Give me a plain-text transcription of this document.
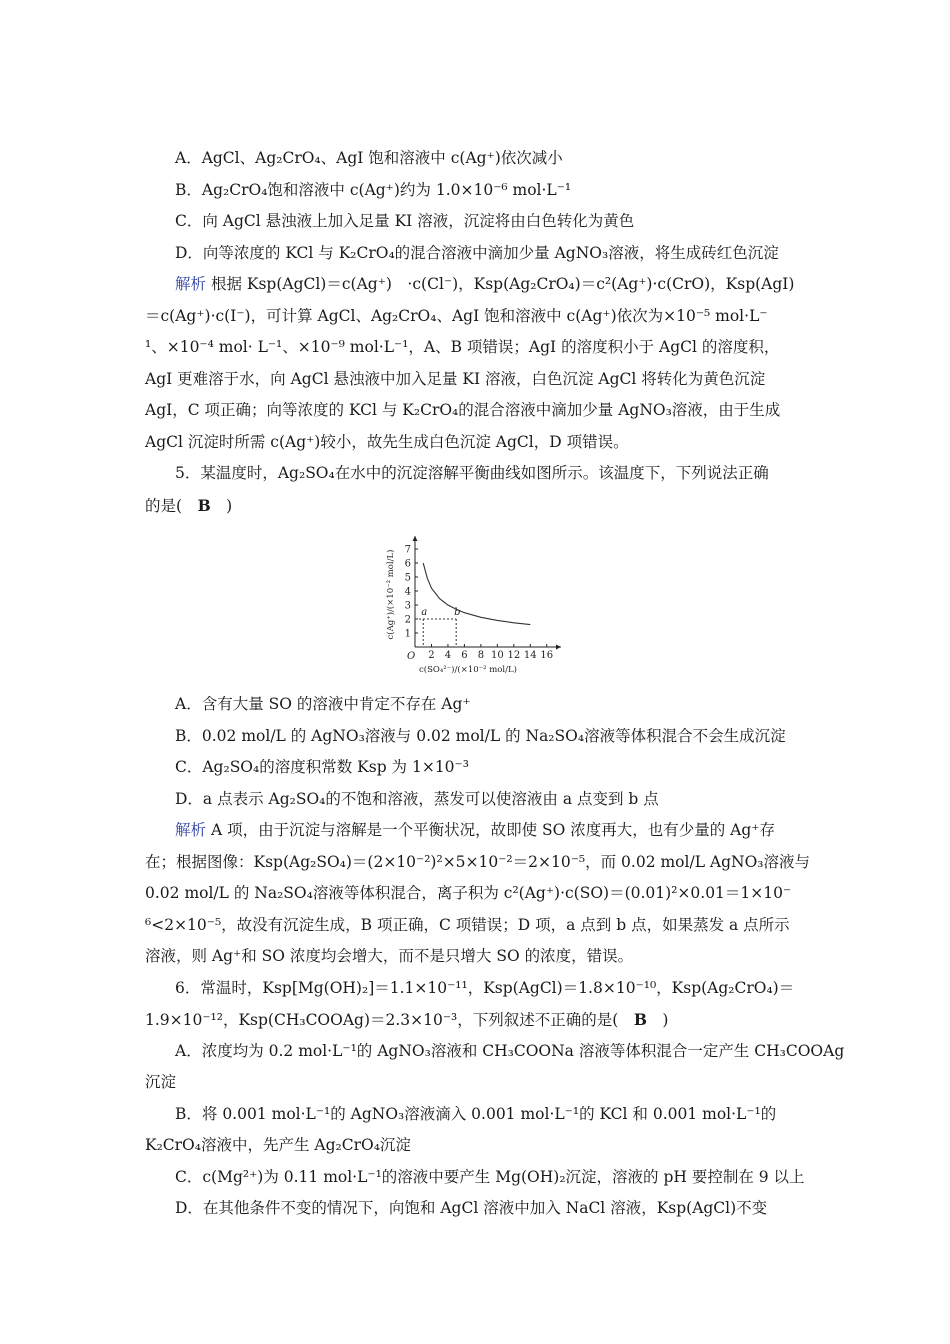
A．AgCl、Ag₂CrO₄、AgI 饱和溶液中 c(Ag⁺)依次减小
B．Ag₂CrO₄饱和溶液中 c(Ag⁺)约为 1.0×10⁻⁶ mol·L⁻¹
C．向 AgCl 悬浊液上加入足量 KI 溶液，沉淀将由白色转化为黄色
D．向等浓度的 KCl 与 K₂CrO₄的混合溶液中滴加少量 AgNO₃溶液，将生成砖红色沉淀
解析 根据 Ksp(AgCl)＝c(Ag⁺)　·c(Cl⁻)，Ksp(Ag₂CrO₄)＝c²(Ag⁺)·c(CrO)，Ksp(AgI)
＝c(Ag⁺)·c(I⁻)，可计算 AgCl、Ag₂CrO₄、AgI 饱和溶液中 c(Ag⁺)依次为×10⁻⁵ mol·L⁻
¹、×10⁻⁴ mol· L⁻¹、×10⁻⁹ mol·L⁻¹，A、B 项错误；AgI 的溶度积小于 AgCl 的溶度积，
AgI 更难溶于水，向 AgCl 悬浊液中加入足量 KI 溶液，白色沉淀 AgCl 将转化为黄色沉淀
AgI，C 项正确；向等浓度的 KCl 与 K₂CrO₄的混合溶液中滴加少量 AgNO₃溶液，由于生成
AgCl 沉淀时所需 c(Ag⁺)较小，故先生成白色沉淀 AgCl，D 项错误。
5．某温度时，Ag₂SO₄在水中的沉淀溶解平衡曲线如图所示。该温度下，下列说法正确
的是(　B　)
2 4 6 8 10 12 14 16
1
2
3
4
5
6
7
O
c(SO₄²⁻)/(×10⁻² mol/L)
c(Ag⁺)/(×10⁻² mol/L)	a	b
A．含有大量 SO 的溶液中肯定不存在 Ag⁺
B．0.02 mol/L 的 AgNO₃溶液与 0.02 mol/L 的 Na₂SO₄溶液等体积混合不会生成沉淀
C．Ag₂SO₄的溶度积常数 Ksp 为 1×10⁻³
D．a 点表示 Ag₂SO₄的不饱和溶液，蒸发可以使溶液由 a 点变到 b 点
解析 A 项，由于沉淀与溶解是一个平衡状况，故即使 SO 浓度再大，也有少量的 Ag⁺存
在；根据图像：Ksp(Ag₂SO₄)＝(2×10⁻²)²×5×10⁻²＝2×10⁻⁵，而 0.02 mol/L AgNO₃溶液与
0.02 mol/L 的 Na₂SO₄溶液等体积混合，离子积为 c²(Ag⁺)·c(SO)＝(0.01)²×0.01＝1×10⁻
⁶<2×10⁻⁵，故没有沉淀生成，B 项正确，C 项错误；D 项，a 点到 b 点，如果蒸发 a 点所示
溶液，则 Ag⁺和 SO 浓度均会增大，而不是只增大 SO 的浓度，错误。
6．常温时，Ksp[Mg(OH)₂]＝1.1×10⁻¹¹，Ksp(AgCl)＝1.8×10⁻¹⁰，Ksp(Ag₂CrO₄)＝
1.9×10⁻¹²，Ksp(CH₃COOAg)＝2.3×10⁻³，下列叙述不正确的是(　B　)
A．浓度均为 0.2 mol·L⁻¹的 AgNO₃溶液和 CH₃COONa 溶液等体积混合一定产生 CH₃COOAg
沉淀
B．将 0.001 mol·L⁻¹的 AgNO₃溶液滴入 0.001 mol·L⁻¹的 KCl 和 0.001 mol·L⁻¹的
K₂CrO₄溶液中，先产生 Ag₂CrO₄沉淀
C．c(Mg²⁺)为 0.11 mol·L⁻¹的溶液中要产生 Mg(OH)₂沉淀，溶液的 pH 要控制在 9 以上
D．在其他条件不变的情况下，向饱和 AgCl 溶液中加入 NaCl 溶液，Ksp(AgCl)不变
